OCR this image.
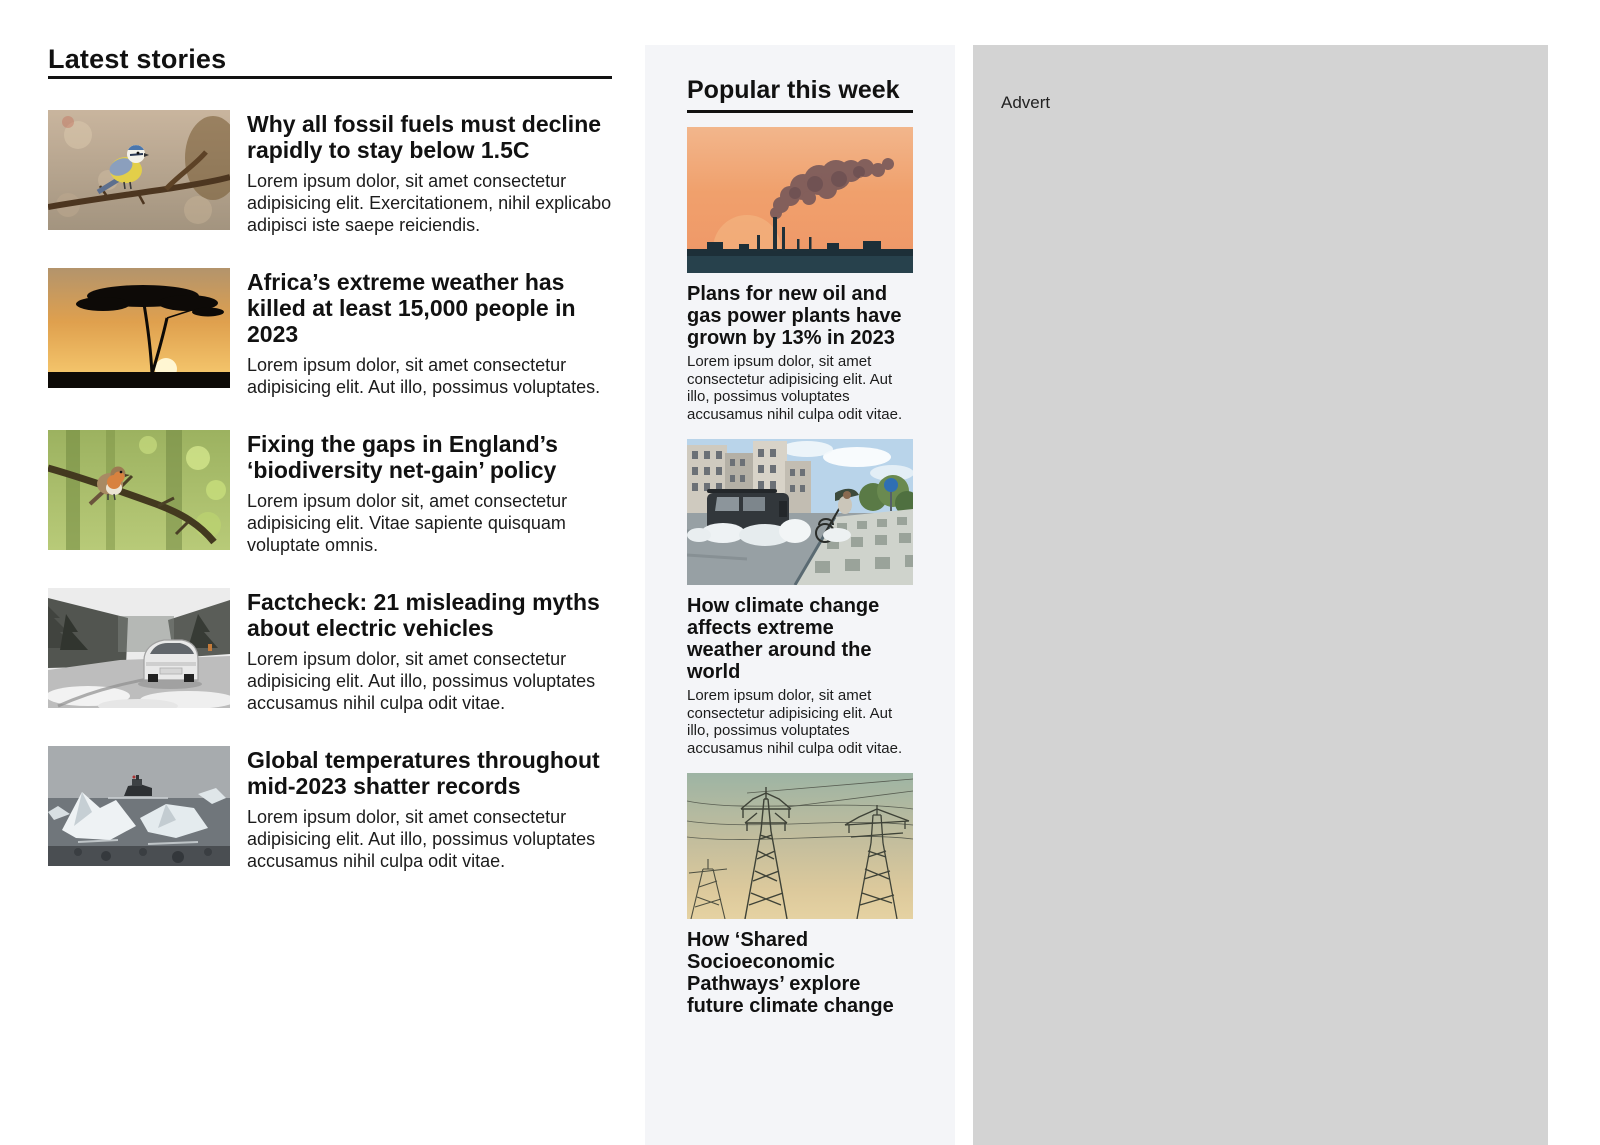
Latest stories
Why all fossil fuels must decline rapidly to stay below 1.5C

Lorem ipsum dolor, sit amet consectetur adipisicing elit. Exercitationem, nihil explicabo adipisci iste saepe reiciendis.

Africa’s extreme weather has killed at least 15,000 people in 2023

Lorem ipsum dolor, sit amet consectetur adipisicing elit. Aut illo, possimus voluptates.

Fixing the gaps in England’s ‘biodiversity net-gain’ policy

Lorem ipsum dolor sit, amet consectetur adipisicing elit. Vitae sapiente quisquam voluptate omnis.

Factcheck: 21 misleading myths about electric vehicles

Lorem ipsum dolor, sit amet consectetur adipisicing elit. Aut illo, possimus voluptates accusamus nihil culpa odit vitae.

Global temperatures throughout mid-2023 shatter records

Lorem ipsum dolor, sit amet consectetur adipisicing elit. Aut illo, possimus voluptates accusamus nihil culpa odit vitae.

Popular this week
Plans for new oil and gas power plants have grown by 13% in 2023

Lorem ipsum dolor, sit amet consectetur adipisicing elit. Aut illo, possimus voluptates accusamus nihil culpa odit vitae.

How climate change affects extreme weather around the world

Lorem ipsum dolor, sit amet consectetur adipisicing elit. Aut illo, possimus voluptates accusamus nihil culpa odit vitae.

How ‘Shared Socioeconomic Pathways’ explore future climate change
Advert
